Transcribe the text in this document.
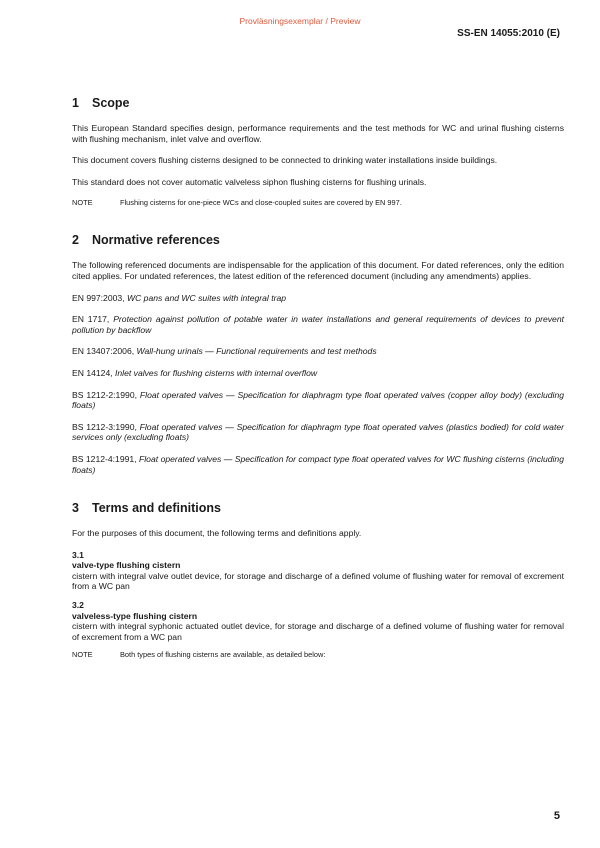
Provläsningsexemplar / Preview
SS-EN 14055:2010 (E)
1 Scope

This European Standard specifies design, performance requirements and the test methods for WC and urinal flushing cisterns with flushing mechanism, inlet valve and overflow.

This document covers flushing cisterns designed to be connected to drinking water installations inside buildings.

This standard does not cover automatic valveless siphon flushing cisterns for flushing urinals.

NOTE	Flushing cisterns for one-piece WCs and close-coupled suites are covered by EN 997.
2 Normative references

The following referenced documents are indispensable for the application of this document. For dated references, only the edition cited applies. For undated references, the latest edition of the referenced document (including any amendments) applies.

EN 997:2003, WC pans and WC suites with integral trap

EN 1717, Protection against pollution of potable water in water installations and general requirements of devices to prevent pollution by backflow

EN 13407:2006, Wall-hung urinals — Functional requirements and test methods

EN 14124, Inlet valves for flushing cisterns with internal overflow

BS 1212-2:1990, Float operated valves — Specification for diaphragm type float operated valves (copper alloy body) (excluding floats)

BS 1212-3:1990, Float operated valves — Specification for diaphragm type float operated valves (plastics bodied) for cold water services only (excluding floats)

BS 1212-4:1991, Float operated valves — Specification for compact type float operated valves for WC flushing cisterns (including floats)

3 Terms and definitions

For the purposes of this document, the following terms and definitions apply.

3.1
valve-type flushing cistern

cistern with integral valve outlet device, for storage and discharge of a defined volume of flushing water for removal of excrement from a WC pan

3.2
valveless-type flushing cistern

cistern with integral syphonic actuated outlet device, for storage and discharge of a defined volume of flushing water for removal of excrement from a WC pan

NOTE	Both types of flushing cisterns are available, as detailed below:
5
